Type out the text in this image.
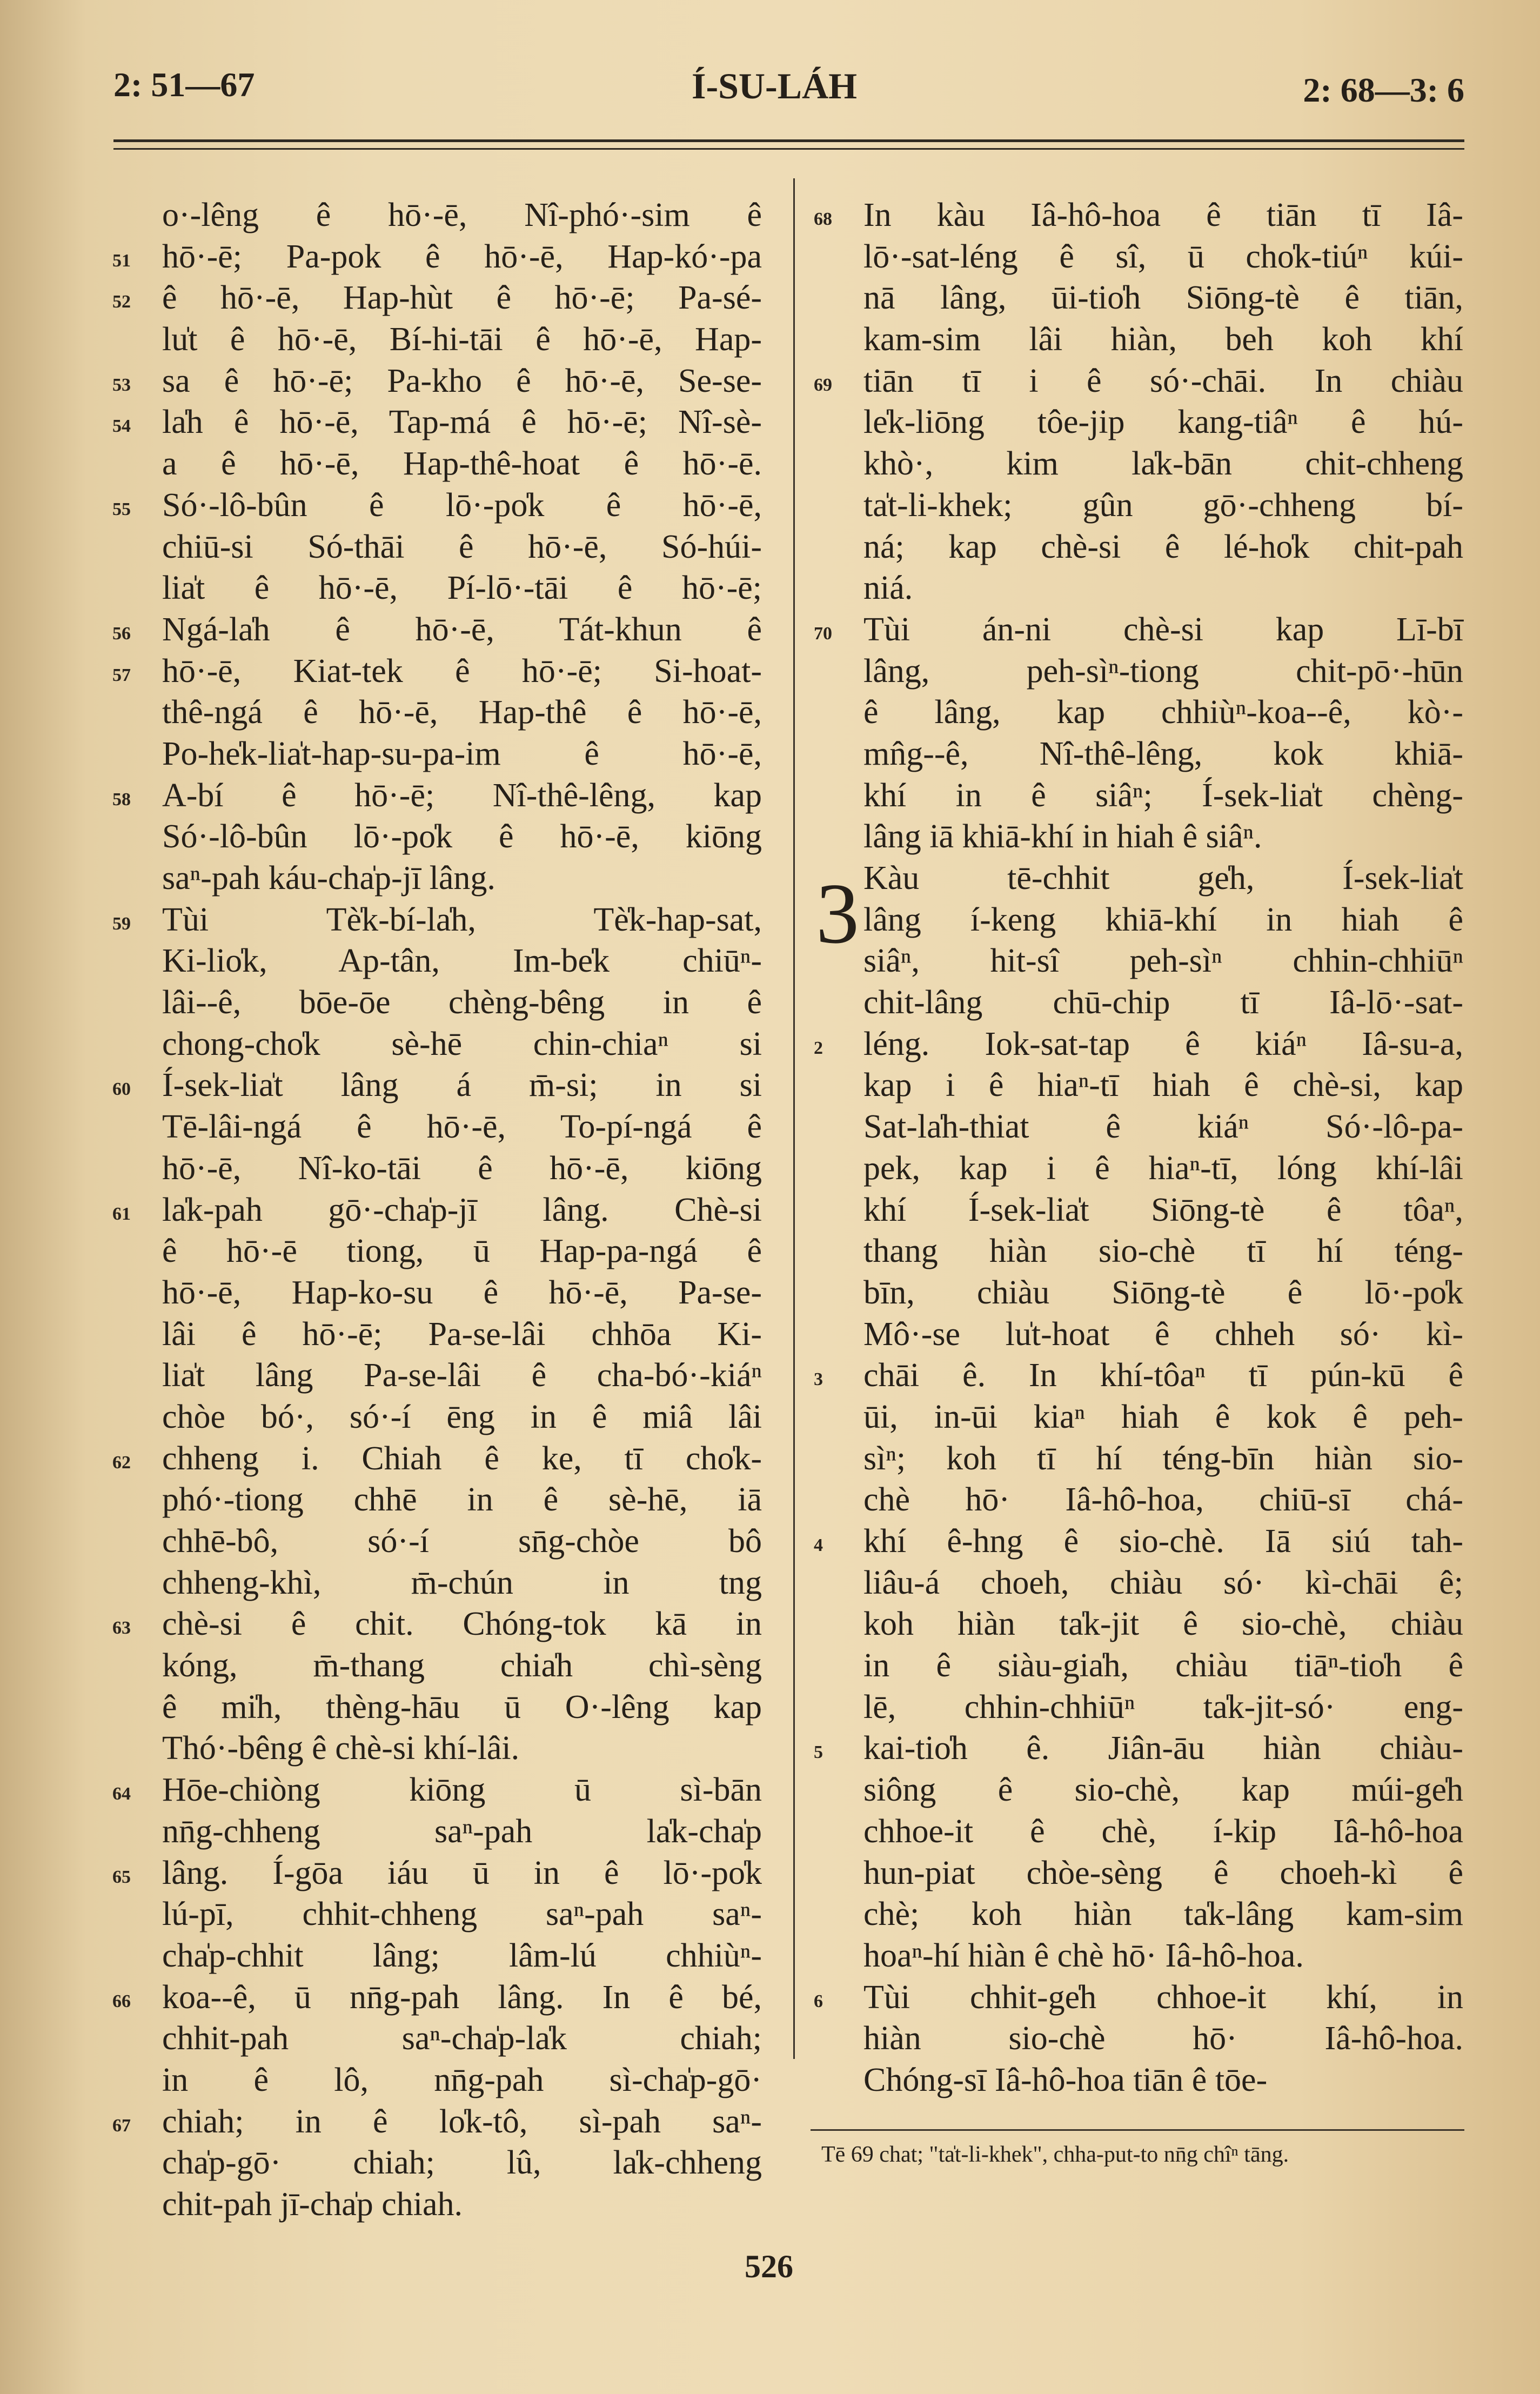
2: 51—67	Í-SU-LÁH	2: 68—3: 6
o·-lêng ê hō·-ē, Nî-phó·-sim ê
51 hō·-ē; Pa-pok ê hō·-ē, Hap-kó·-pa
52 ê hō·-ē, Hap-hùt ê hō·-ē; Pa-sé-
lu̍t ê hō·-ē, Bí-hi-tāi ê hō·-ē, Hap-
53 sa ê hō·-ē; Pa-kho ê hō·-ē, Se-se-
54 la̍h ê hō·-ē, Tap-má ê hō·-ē; Nî-sè-
a ê hō·-ē, Hap-thê-hoat ê hō·-ē.
55 Só·-lô-bûn ê lō·-po̍k ê hō·-ē,
chiū-si Só-thāi ê hō·-ē, Só-húi-
lia̍t ê hō·-ē, Pí-lō·-tāi ê hō·-ē;
56 Ngá-la̍h ê hō·-ē, Tát-khun ê
57 hō·-ē, Kiat-tek ê hō·-ē; Si-hoat-
thê-ngá ê hō·-ē, Hap-thê ê hō·-ē,
Po-he̍k-lia̍t-hap-su-pa-im ê hō·-ē,
58 A-bí ê hō·-ē; Nî-thê-lêng, kap
Só·-lô-bûn lō·-po̍k ê hō·-ē, kiōng
saⁿ-pah káu-cha̍p-jī lâng.
59 Tùi Tè̍k-bí-la̍h, Tè̍k-hap-sat,
Ki-lio̍k, Ap-tân, Im-be̍k chiūⁿ-
lâi--ê, bōe-ōe chèng-bêng in ê
chong-cho̍k sè-hē chin-chiaⁿ si
60 Í-sek-lia̍t lâng á m̄-si; in si
Tē-lâi-ngá ê hō·-ē, To-pí-ngá ê
hō·-ē, Nî-ko-tāi ê hō·-ē, kiōng
61 la̍k-pah gō·-cha̍p-jī lâng. Chè-si
ê hō·-ē tiong, ū Hap-pa-ngá ê
hō·-ē, Hap-ko-su ê hō·-ē, Pa-se-
lâi ê hō·-ē; Pa-se-lâi chhōa Ki-
lia̍t lâng Pa-se-lâi ê cha-bó·-kiáⁿ
chòe bó·, só·-í ēng in ê miâ lâi
62 chheng i. Chiah ê ke, tī cho̍k-
phó·-tiong chhē in ê sè-hē, iā
chhē-bô, só·-í sn̄g-chòe bô
chheng-khì, m̄-chún in tng
63 chè-si ê chit. Chóng-tok kā in
kóng, m̄-thang chia̍h chì-sèng
ê mi̍h, thèng-hāu ū O·-lêng kap
Thó·-bêng ê chè-si khí-lâi.
64 Hōe-chiòng kiōng ū sì-bān
nn̄g-chheng saⁿ-pah la̍k-cha̍p
65 lâng. Í-gōa iáu ū in ê lō·-po̍k
lú-pī, chhit-chheng saⁿ-pah saⁿ-
cha̍p-chhit lâng; lâm-lú chhiùⁿ-
66 koa--ê, ū nn̄g-pah lâng. In ê bé,
chhit-pah saⁿ-cha̍p-la̍k chiah;
in ê lô, nn̄g-pah sì-cha̍p-gō·
67 chiah; in ê lo̍k-tô, sì-pah saⁿ-
cha̍p-gō· chiah; lû, la̍k-chheng
chit-pah jī-cha̍p chiah.
68 In kàu Iâ-hô-hoa ê tiān tī Iâ-
lō·-sat-léng ê sî, ū cho̍k-tiúⁿ kúi-
nā lâng, ūi-tio̍h Siōng-tè ê tiān,
kam-sim lâi hiàn, beh koh khí
69 tiān tī i ê só·-chāi. In chiàu
le̍k-liōng tôe-jip kang-tiâⁿ ê hú-
khò·, kim la̍k-bān chit-chheng
ta̍t-li-khek; gûn gō·-chheng bí-
ná; kap chè-si ê lé-ho̍k chit-pah
niá.
70 Tùi án-ni chè-si kap Lī-bī
lâng, peh-sìⁿ-tiong chit-pō·-hūn
ê lâng, kap chhiùⁿ-koa--ê, kò·-
mn̂g--ê, Nî-thê-lêng, kok khiā-
khí in ê siâⁿ; Í-sek-lia̍t chèng-
lâng iā khiā-khí in hiah ê siâⁿ.
Kàu tē-chhit ge̍h, Í-sek-lia̍t
lâng í-keng khiā-khí in hiah ê
siâⁿ, hit-sî peh-sìⁿ chhin-chhiūⁿ
chit-lâng chū-chip tī Iâ-lō·-sat-
2	léng. Iok-sat-tap ê kiáⁿ Iâ-su-a,
kap i ê hiaⁿ-tī hiah ê chè-si, kap
Sat-la̍h-thiat ê kiáⁿ Só·-lô-pa-
pek, kap i ê hiaⁿ-tī, lóng khí-lâi
khí Í-sek-lia̍t Siōng-tè ê tôaⁿ,
thang hiàn sio-chè tī hí téng-
bīn, chiàu Siōng-tè ê lō·-po̍k
Mô·-se lu̍t-hoat ê chheh só· kì-
3	chāi ê. In khí-tôaⁿ tī pún-kū ê
ūi, in-ūi kiaⁿ hiah ê kok ê peh-
sìⁿ; koh tī hí téng-bīn hiàn sio-
chè hō· Iâ-hô-hoa, chiū-sī chá-
4	khí ê-hng ê sio-chè. Iā siú tah-
liâu-á choeh, chiàu só· kì-chāi ê;
koh hiàn ta̍k-jit ê sio-chè, chiàu
in ê siàu-gia̍h, chiàu tiāⁿ-tio̍h ê
lē, chhin-chhiūⁿ ta̍k-jit-só· eng-
5	kai-tio̍h ê. Jiân-āu hiàn chiàu-
siông ê sio-chè, kap múi-ge̍h
chhoe-it ê chè, í-kip Iâ-hô-hoa
hun-piat chòe-sèng ê choeh-kì ê
chè; koh hiàn ta̍k-lâng kam-sim
hoaⁿ-hí hiàn ê chè hō· Iâ-hô-hoa.
6	Tùi chhit-ge̍h chhoe-it khí, in
hiàn sio-chè hō· Iâ-hô-hoa.
Chóng-sī Iâ-hô-hoa tiān ê tōe-
3
Tē 69 chat; "ta̍t-li-khek", chha-put-to nn̄g chîⁿ tāng.
526
